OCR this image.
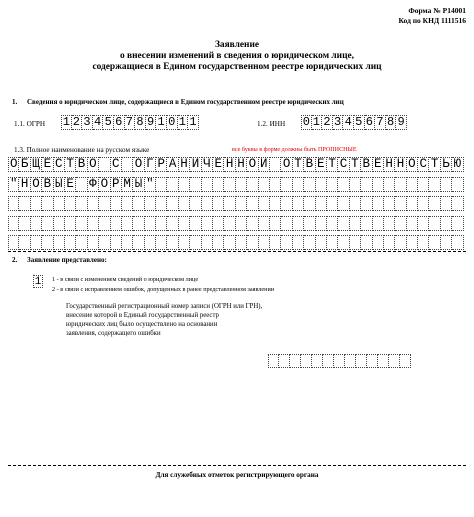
Форма № Р14001
Код по КНД 1111516
Заявление
о внесении изменений в сведения о юридическом лице,
содержащиеся в Едином государственном реестре юридических лиц
1. Сведения о юридическом лице, содержащиеся в Едином государственном реестре юридических лиц
1.1. ОГРН 1 2 3 4 5 6 7 8 9 1 0 1 1	1.2. ИНН 0 1 2 3 4 5 6 7 8 9
1.3. Полное наименование на русском языке	все буквы в форме должны быть ПРОПИСНЫЕ
О Б Щ Е С Т В О С О Г Р А Н И Ч Е Н Н О Й О Т В Е Т С Т В Е Н Н О С Т Ь Ю
" Н О В Ы Е Ф О Р М Ы "
2. Заявление представлено:
1 1 - в связи с изменением сведений о юридическом лице
2 - в связи с исправлением ошибок, допущенных в ранее представленном заявлении
Государственный регистрационный номер записи (ОГРН или ГРН),
внесение которой в Единый государственный реестр
юридических лиц было осуществлено на основании
заявления, содержащего ошибки
Для служебных отметок регистрирующего органа
